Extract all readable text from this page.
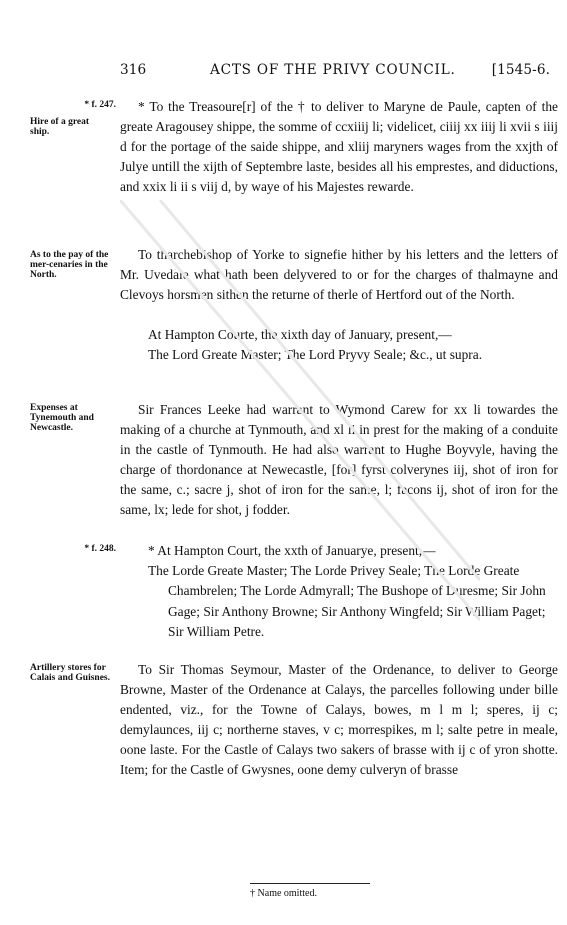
316	ACTS OF THE PRIVY COUNCIL.	[1545-6.
* f. 247.
Hire of a great ship.
As to the pay of the mer-cenaries in the North.
Expenses at Tynemouth and Newcastle.
* f. 248.
Artillery stores for Calais and Guisnes.
* To the Treasoure[r] of the † to deliver to Maryne de Paule, capten of the greate Aragousey shippe, the somme of ccxiiij li; videlicet, ciiij xx iiij li xvii s iiij d for the portage of the saide shippe, and xliij maryners wages from the xxjth of Julye untill the xijth of Septembre laste, besides all his emprestes, and diductions, and xxix li ii s viij d, by waye of his Majestes rewarde.
To tharchebishop of Yorke to signefie hither by his letters and the letters of Mr. Uvedale what hath been delyvered to or for the charges of thalmayne and Clevoys horsmen sithen the returne of therle of Hertford out of the North.
At Hampton Courte, the xixth day of January, present,—
The Lord Greate Master; The Lord Pryvy Seale; &c., ut supra.
Sir Frances Leeke had warrant to Wymond Carew for xx li towardes the making of a churche at Tynmouth, and xl li in prest for the making of a conduite in the castle of Tynmouth. He had also warrant to Hughe Boyvyle, having the charge of thordonance at Newecastle, [for] fyrst colverynes iij, shot of iron for the same, c.; sacre j, shot of iron for the same, l; facons ij, shot of iron for the same, lx; lede for shot, j fodder.
* At Hampton Court, the xxth of Januarye, present,—
The Lorde Greate Master; The Lorde Privey Seale; The Lorde Greate Chambrelen; The Lorde Admyrall; The Bushope of Duresme; Sir John Gage; Sir Anthony Browne; Sir Anthony Wingfeld; Sir William Paget; Sir William Petre.
To Sir Thomas Seymour, Master of the Ordenance, to deliver to George Browne, Master of the Ordenance at Calays, the parcelles following under bille endented, viz., for the Towne of Calays, bowes, m l m l; speres, ij c; demylaunces, iij c; northerne staves, v c; morrespikes, m l; salte petre in meale, oone laste. For the Castle of Calays two sakers of brasse with ij c of yron shotte. Item; for the Castle of Gwysnes, oone demy culveryn of brasse
† Name omitted.
